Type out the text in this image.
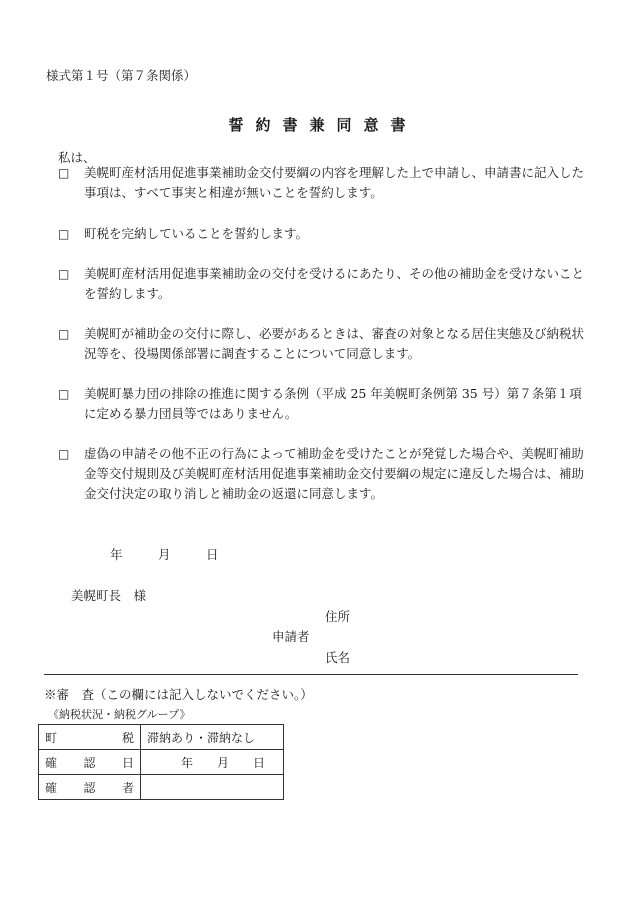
様式第１号（第７条関係）
誓約書兼同意書
私は、
□	美幌町産材活用促進事業補助金交付要綱の内容を理解した上で申請し、申請書に記入した事項は、すべて事実と相違が無いことを誓約します。
□	町税を完納していることを誓約します。
□	美幌町産材活用促進事業補助金の交付を受けるにあたり、その他の補助金を受けないことを誓約します。
□	美幌町が補助金の交付に際し、必要があるときは、審査の対象となる居住実態及び納税状況等を、役場関係部署に調査することについて同意します。
□	美幌町暴力団の排除の推進に関する条例（平成 25 年美幌町条例第 35 号）第７条第１項に定める暴力団員等ではありません。
□	虚偽の申請その他不正の行為によって補助金を受けたことが発覚した場合や、美幌町補助金等交付規則及び美幌町産材活用促進事業補助金交付要綱の規定に違反した場合は、補助金交付決定の取り消しと補助金の返還に同意します。
年	月	日
美幌町長　様
住所
申請者
氏名
※審　査（この欄には記入しないでください。）
《納税状況・納税グループ》
町 税	滞納あり・滞納なし

確 認 日	年 月 日

確 認 者	
